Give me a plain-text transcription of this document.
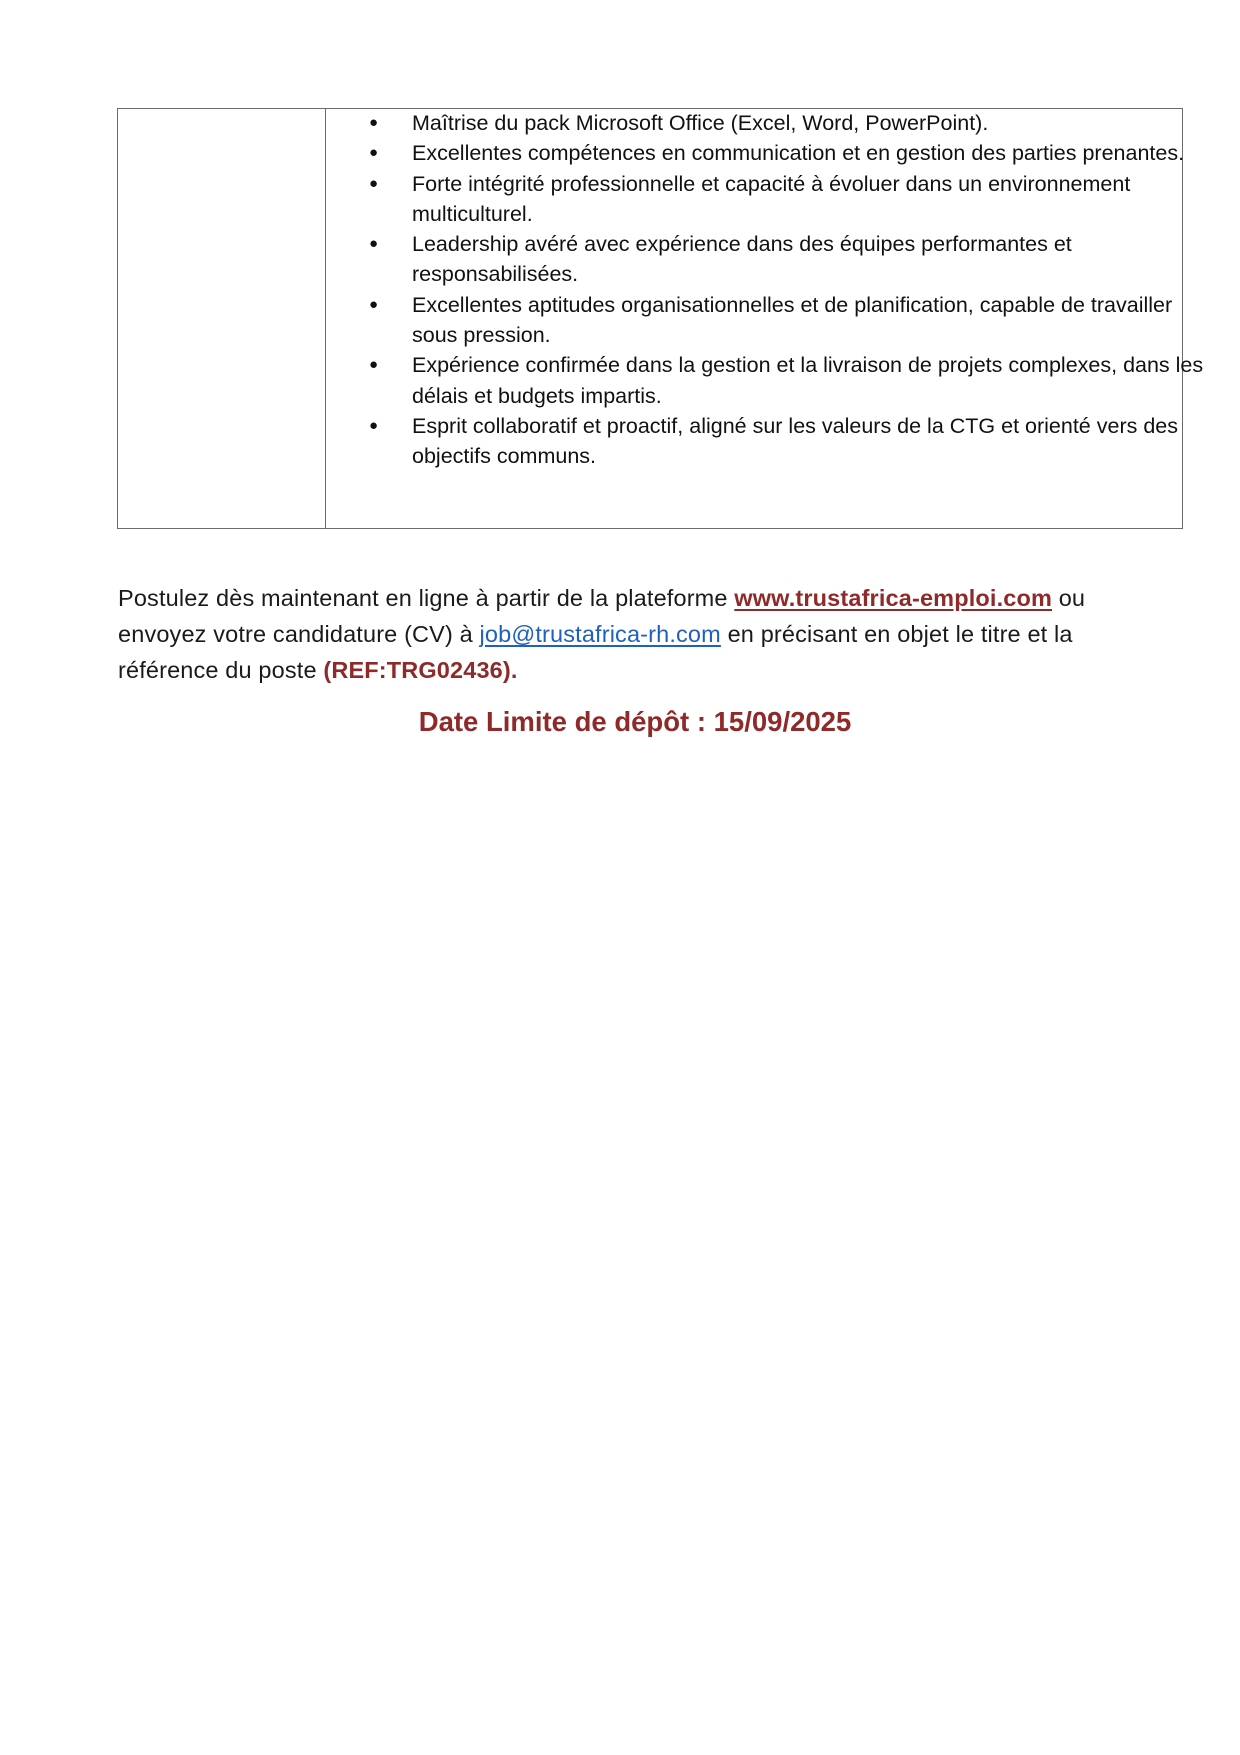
● Maîtrise du pack Microsoft Office (Excel, Word, PowerPoint).
● Excellentes compétences en communication et en gestion des parties prenantes.
● Forte intégrité professionnelle et capacité à évoluer dans un environnement multiculturel.
● Leadership avéré avec expérience dans des équipes performantes et responsabilisées.
● Excellentes aptitudes organisationnelles et de planification, capable de travailler sous pression.
● Expérience confirmée dans la gestion et la livraison de projets complexes, dans les délais et budgets impartis.
● Esprit collaboratif et proactif, aligné sur les valeurs de la CTG et orienté vers des objectifs communs.

Postulez dès maintenant en ligne à partir de la plateforme www.trustafrica-emploi.com ou envoyez votre candidature (CV) à job@trustafrica-rh.com en précisant en objet le titre et la référence du poste (REF:TRG02436).

Date Limite de dépôt : 15/09/2025
